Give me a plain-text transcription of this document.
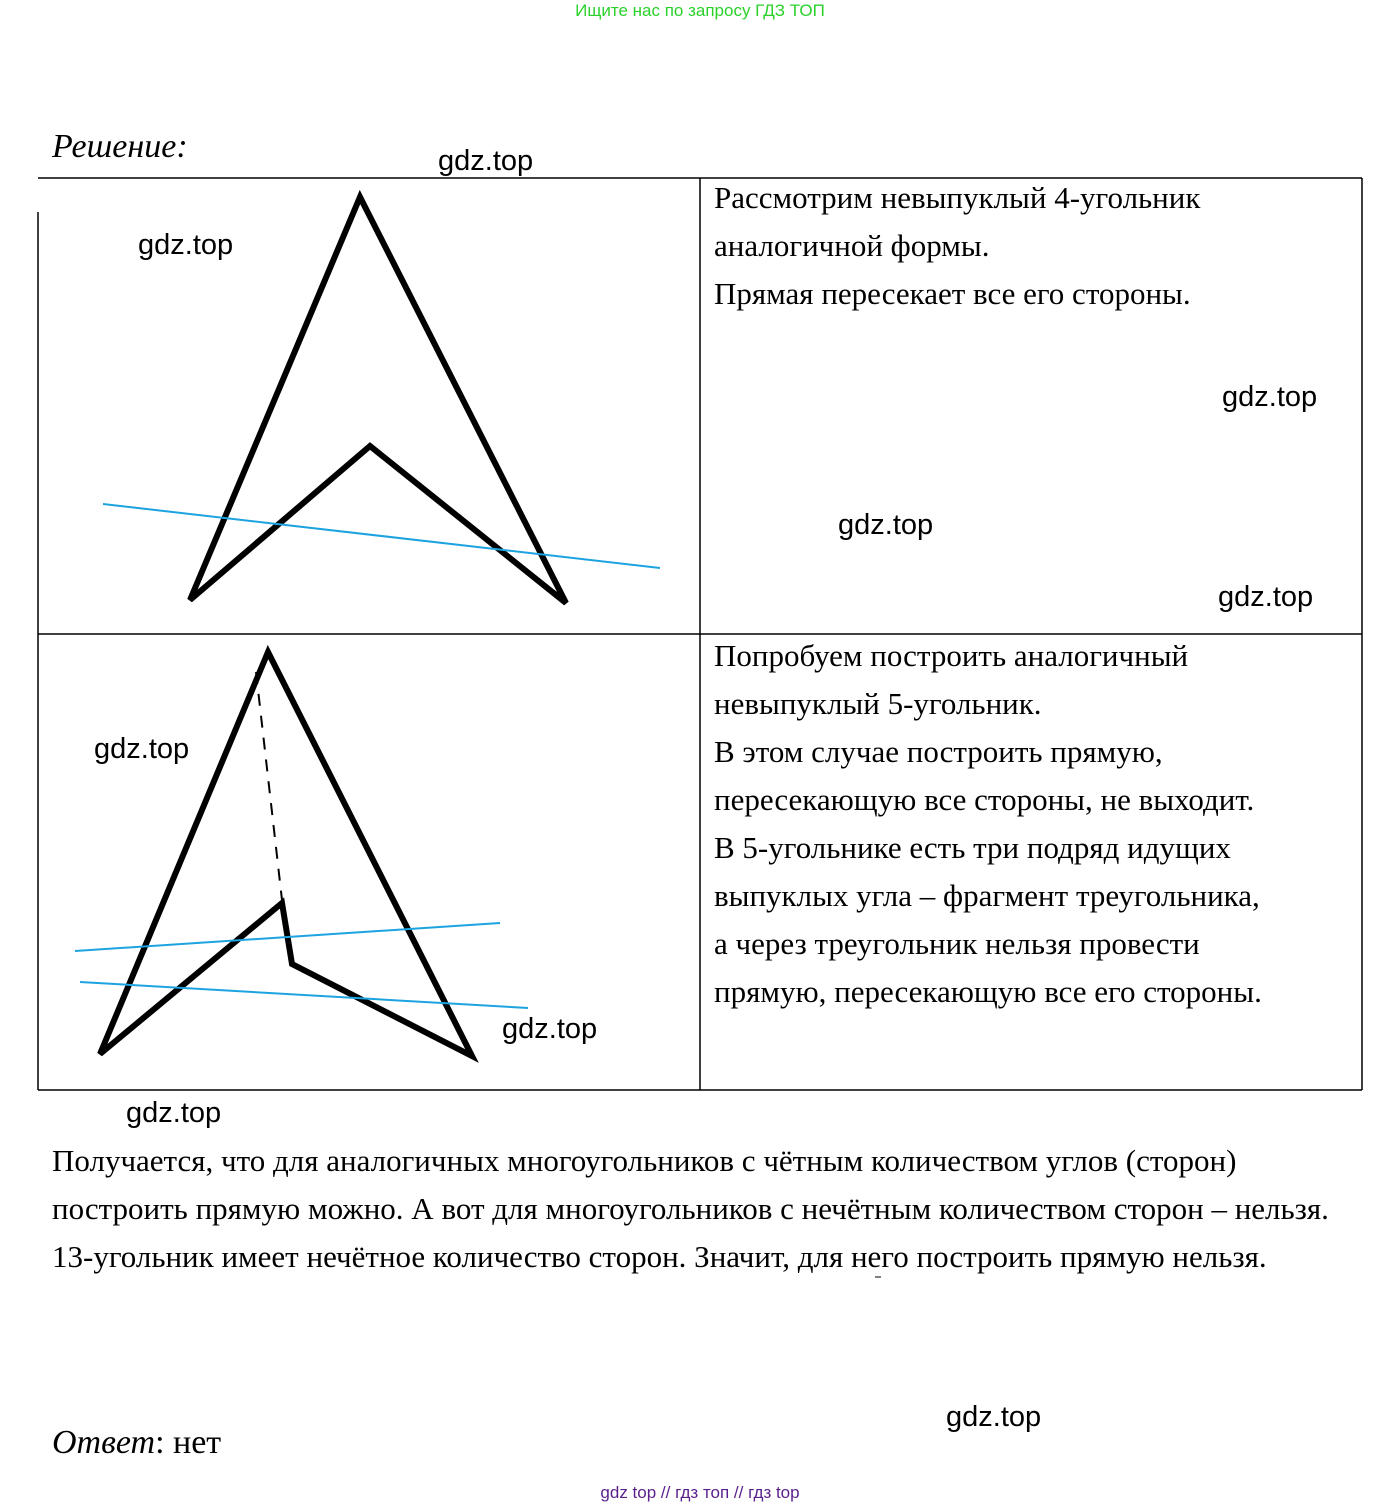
Ищите нас по запросу ГДЗ ТОП
Решение:

Рассмотрим невыпуклый 4-угольник

аналогичной формы.

Прямая пересекает все его стороны.

Попробуем построить аналогичный

невыпуклый 5-угольник.

В этом случае построить прямую,

пересекающую все стороны, не выходит.

В 5-угольнике есть три подряд идущих

выпуклых угла – фрагмент треугольника,

а через треугольник нельзя провести

прямую, пересекающую все его стороны.

Получается, что для аналогичных многоугольников с чётным количеством углов (сторон) построить прямую можно. А вот для многоугольников с нечётным количеством сторон – нельзя.

13-угольник имеет нечётное количество сторон. Значит, для него построить прямую нельзя.

Ответ: нет
gdz.top
gdz.top
gdz.top
gdz.top
gdz.top
gdz.top
gdz.top
gdz.top
gdz.top
gdz top // гдз топ // гдз top
